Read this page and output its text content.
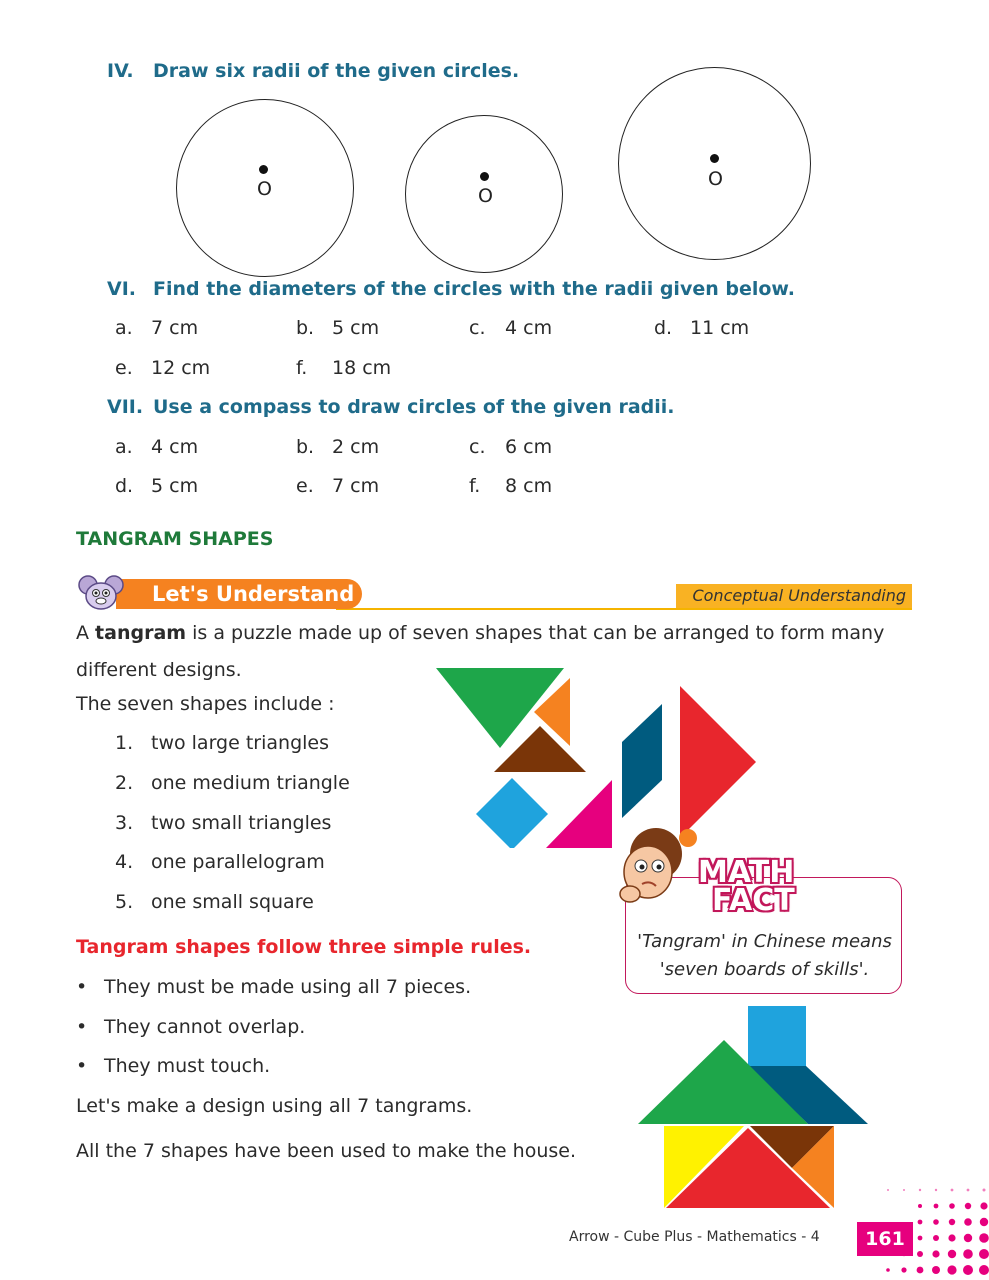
IV. Draw six radii of the given circles.
O	O
O
VI. Find the diameters of the circles with the radii given below.
a. 7 cm	b. 5 cm	c. 4 cm	d. 11 cm
e. 12 cm	f. 18 cm
VII. Use a compass to draw circles of the given radii.
a. 4 cm	b. 2 cm	c. 6 cm
d. 5 cm	e. 7 cm	f. 8 cm
TANGRAM SHAPES
Let's Understand	Conceptual Understanding
A tangram is a puzzle made up of seven shapes that can be arranged to form many
different designs.
The seven shapes include :
1. two large triangles
2. one medium triangle
3. two small triangles
4. one parallelogram
5. one small square
'Tangram' in Chinese means
'seven boards of skills'.
MATH
FACT
Tangram shapes follow three simple rules.
• They must be made using all 7 pieces.
• They cannot overlap.
• They must touch.
Let's make a design using all 7 tangrams.
All the 7 shapes have been used to make the house.
Arrow - Cube Plus - Mathematics - 4	161
